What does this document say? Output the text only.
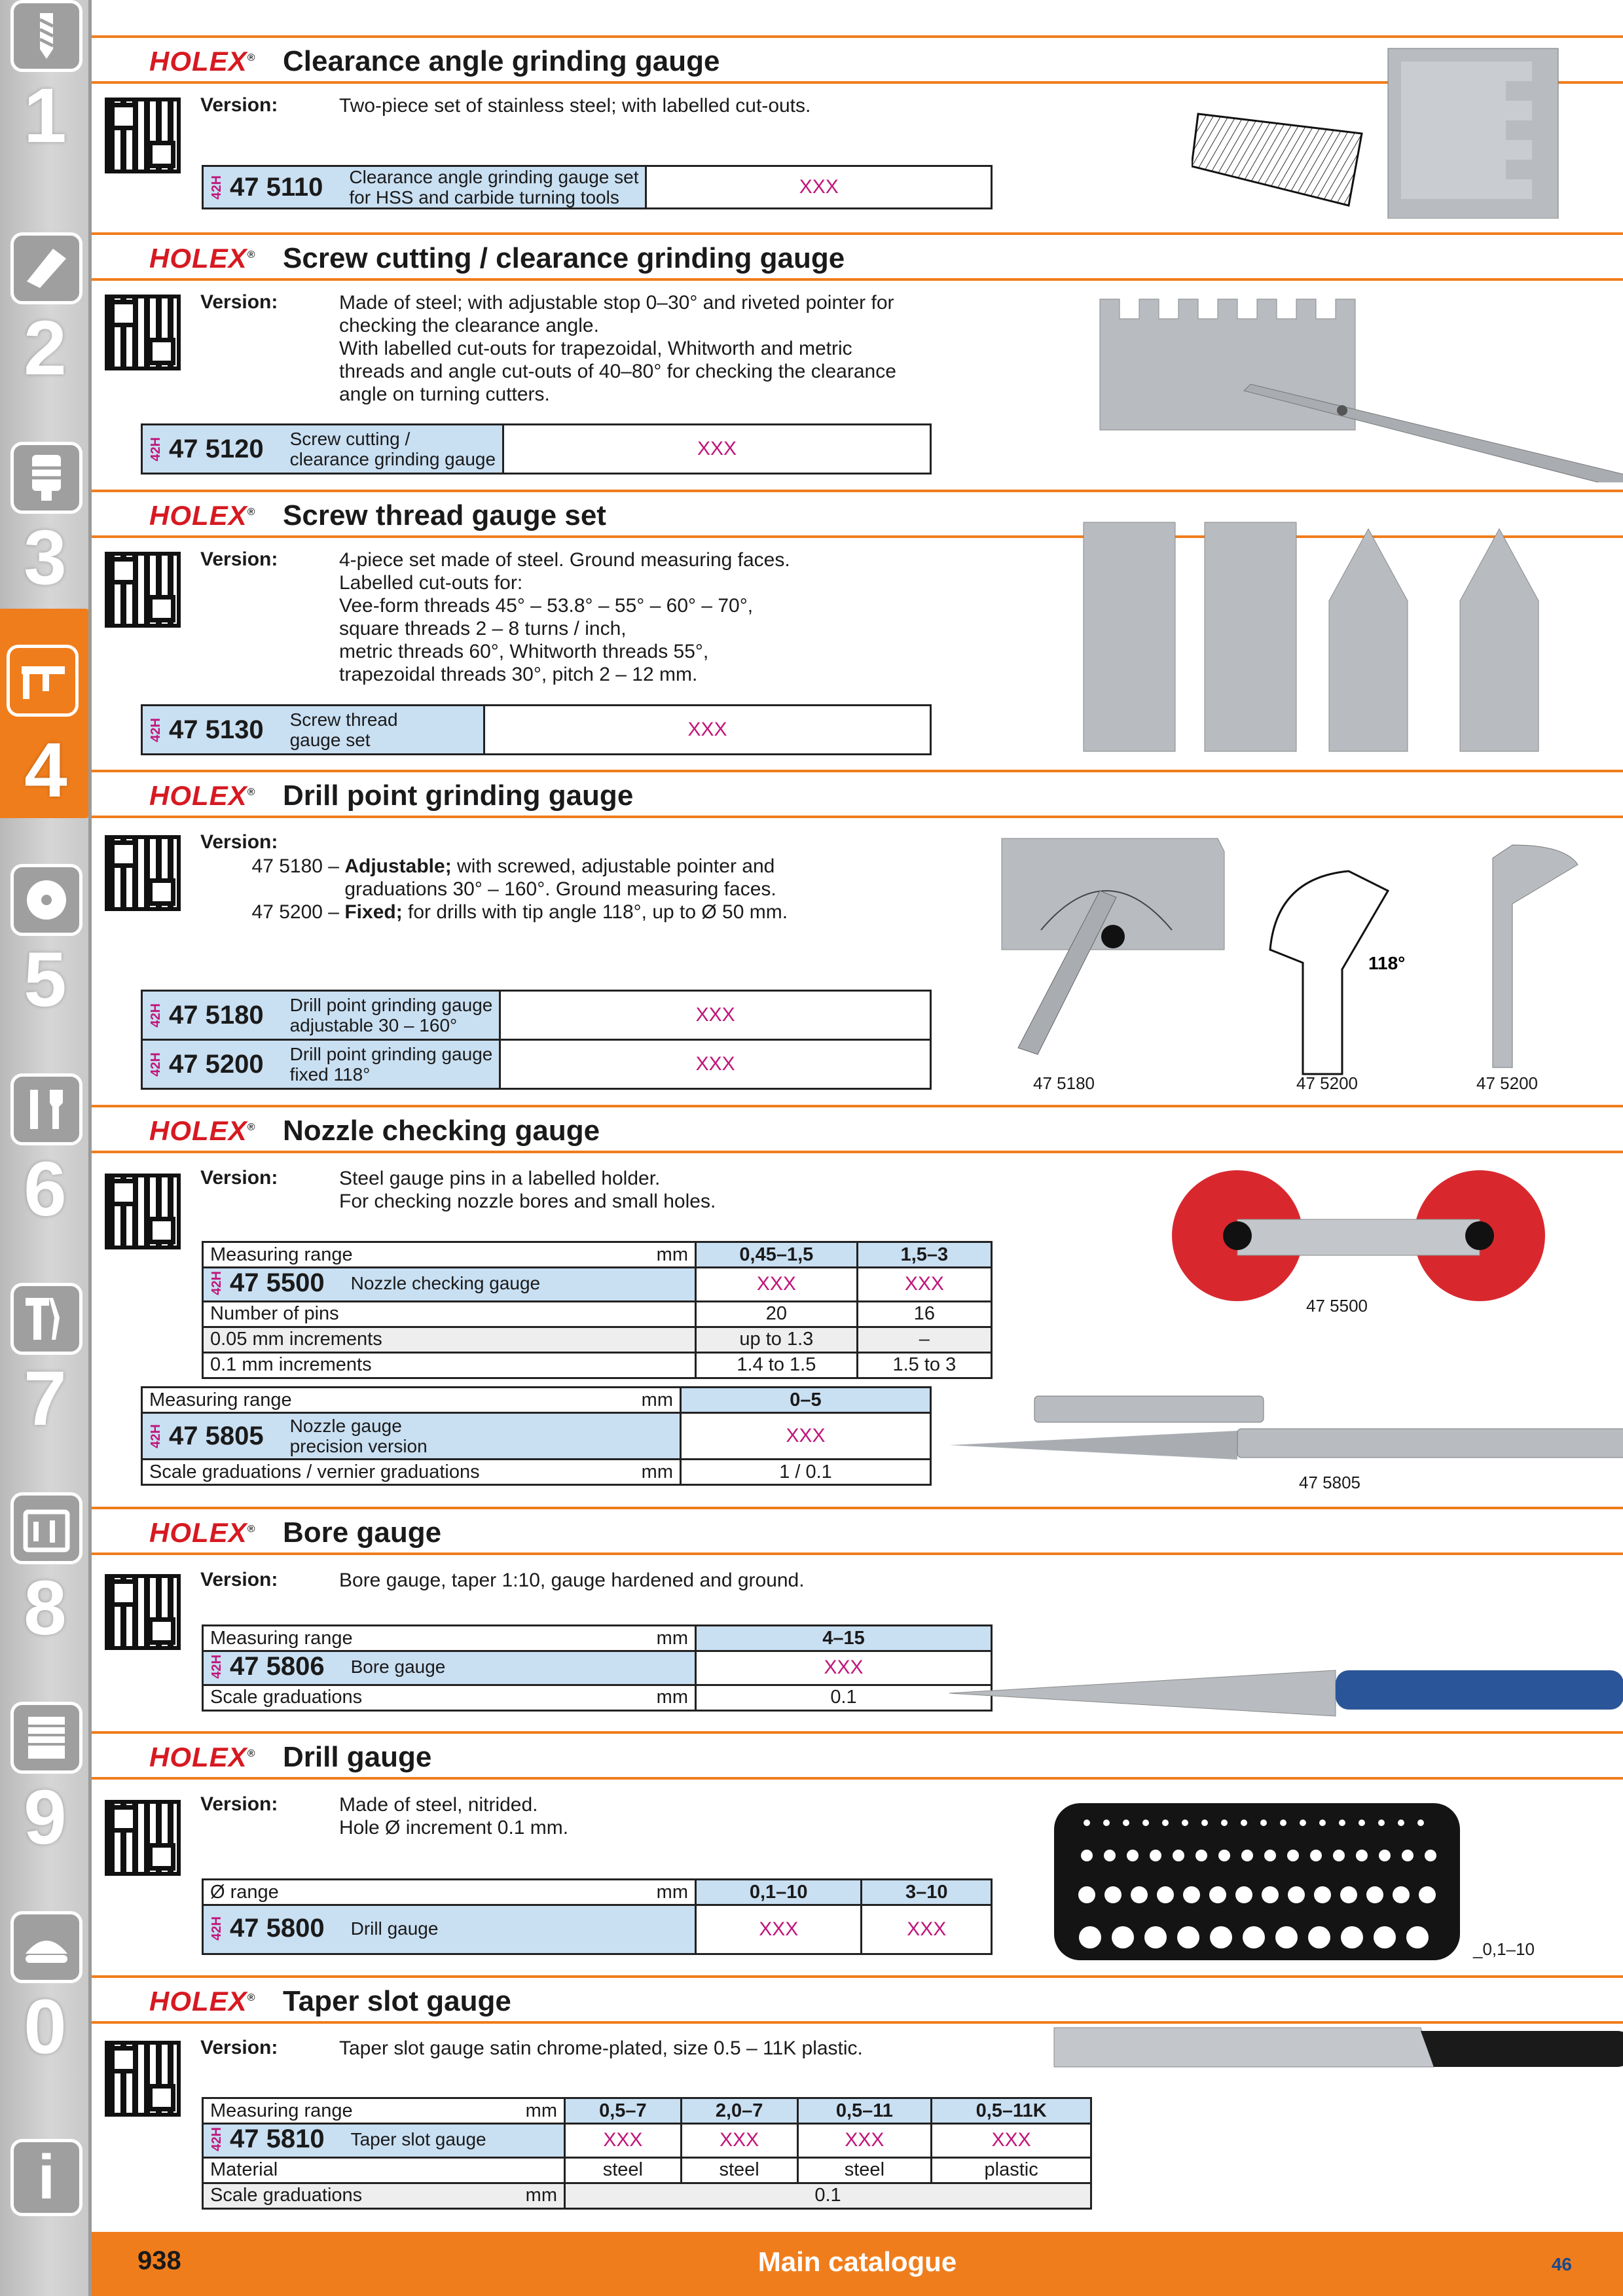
1
2
3
4
5
6
7
8
9
0
i
HOLEX® Clearance angle grinding gauge
Version:	Two-piece set of stainless steel; with labelled cut-outs.
42H 47 5110 Clearance angle grinding gauge set
for HSS and carbide turning tools	XXX
HOLEX® Screw cutting / clearance grinding gauge
Version:	Made of steel; with adjustable stop 0–30° and riveted pointer for
checking the clearance angle.
With labelled cut-outs for trapezoidal, Whitworth and metric
threads and angle cut-outs of 40–80° for checking the clearance
angle on turning cutters.
42H 47 5120 Screw cutting /
clearance grinding gauge	XXX
HOLEX® Screw thread gauge set
Version:	4-piece set made of steel. Ground measuring faces.
Labelled cut-outs for:
Vee-form threads 45° – 53.8° – 55° – 60° – 70°,
square threads 2 – 8 turns / inch,
metric threads 60°, Whitworth threads 55°,
trapezoidal threads 30°, pitch 2 – 12 mm.
42H 47 5130 Screw thread
gauge set	XXX
HOLEX® Drill point grinding gauge
Version:
47 5180 – Adjustable; with screwed, adjustable pointer and
graduations 30° – 160°. Ground measuring faces.
47 5200 – Fixed; for drills with tip angle 118°, up to Ø 50 mm.
42H 47 5180 Drill point grinding gauge
adjustable 30 – 160°	XXX

42H 47 5200 Drill point grinding gauge
fixed 118°	XXX
118°
47 5180	47 5200	47 5200
HOLEX® Nozzle checking gauge
Version:	Steel gauge pins in a labelled holder.
For checking nozzle bores and small holes.
Measuring range mm	0,45–1,5	1,5–3

42H 47 5500 Nozzle checking gauge	XXX	XXX
Number of pins	20	16
0.05 mm increments	up to 1.3	–
0.1 mm increments	1.4 to 1.5	1.5 to 3
Measuring range mm	0–5

42H 47 5805 Nozzle gauge
precision version	XXX
Scale graduations / vernier graduations mm	1 / 0.1
47 5500
47 5805
HOLEX® Bore gauge
Version:	Bore gauge, taper 1:10, gauge hardened and ground.
Measuring range mm	4–15

42H 47 5806 Bore gauge	XXX
Scale graduations mm	0.1
HOLEX® Drill gauge
Version:	Made of steel, nitrided.
Hole Ø increment 0.1 mm.
Ø range mm	0,1–10	3–10

42H 47 5800 Drill gauge	XXX	XXX
_0,1–10
HOLEX® Taper slot gauge
Version:	Taper slot gauge satin chrome-plated, size 0.5 – 11K plastic.
Measuring range mm	0,5–7	2,0–7	0,5–11	0,5–11K

42H 47 5810 Taper slot gauge	XXX	XXX	XXX	XXX
Material	steel	steel	steel	plastic
Scale graduations mm	0.1			
938	Main catalogue	46
